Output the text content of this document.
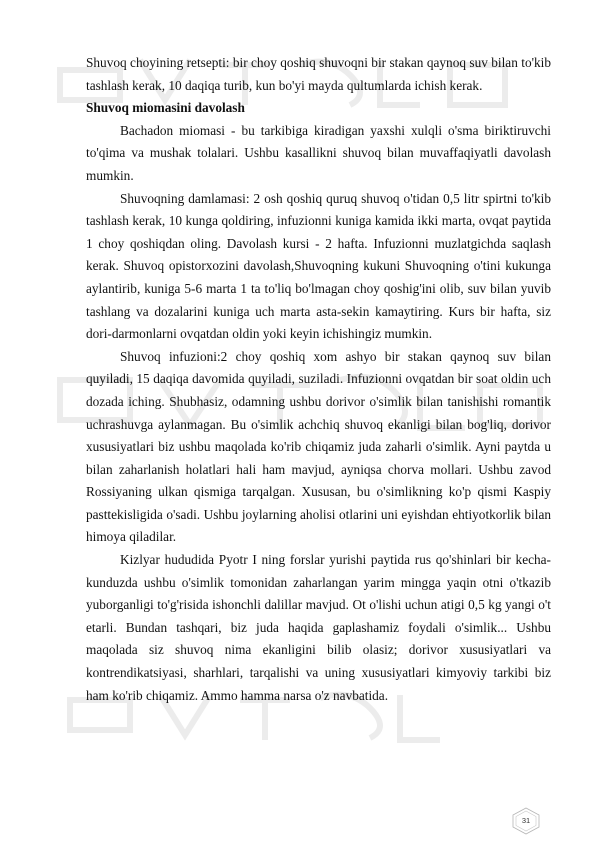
Shuvoq choyining retsepti: bir choy qoshiq shuvoqni bir stakan qaynoq suv bilan to'kib tashlash kerak, 10 daqiqa turib, kun bo'yi mayda qultumlarda ichish kerak.

Shuvoq miomasini davolash

Bachadon miomasi - bu tarkibiga kiradigan yaxshi xulqli o'sma biriktiruvchi to'qima va mushak tolalari. Ushbu kasallikni shuvoq bilan muvaffaqiyatli davolash mumkin.

Shuvoqning damlamasi: 2 osh qoshiq quruq shuvoq o'tidan 0,5 litr spirtni to'kib tashlash kerak, 10 kunga qoldiring, infuzionni kuniga kamida ikki marta, ovqat paytida 1 choy qoshiqdan oling. Davolash kursi - 2 hafta. Infuzionni muzlatgichda saqlash kerak. Shuvoq opistorxozini davolash,Shuvoqning kukuni Shuvoqning o'tini kukunga aylantirib, kuniga 5-6 marta 1 ta to'liq bo'lmagan choy qoshig'ini olib, suv bilan yuvib tashlang va dozalarini kuniga uch marta asta-sekin kamaytiring. Kurs bir hafta, siz dori-darmonlarni ovqatdan oldin yoki keyin ichishingiz mumkin.

Shuvoq infuzioni:2 choy qoshiq xom ashyo bir stakan qaynoq suv bilan quyiladi, 15 daqiqa davomida quyiladi, suziladi. Infuzionni ovqatdan bir soat oldin uch dozada iching. Shubhasiz, odamning ushbu dorivor o'simlik bilan tanishishi romantik uchrashuvga aylanmagan. Bu o'simlik achchiq shuvoq ekanligi bilan bog'liq, dorivor xususiyatlari biz ushbu maqolada ko'rib chiqamiz juda zaharli o'simlik. Ayni paytda u bilan zaharlanish holatlari hali ham mavjud, ayniqsa chorva mollari. Ushbu zavod Rossiyaning ulkan qismiga tarqalgan. Xususan, bu o'simlikning ko'p qismi Kaspiy pasttekisligida o'sadi. Ushbu joylarning aholisi otlarini uni eyishdan ehtiyotkorlik bilan himoya qiladilar.

Kizlyar hududida Pyotr I ning forslar yurishi paytida rus qo'shinlari bir kecha-kunduzda ushbu o'simlik tomonidan zaharlangan yarim mingga yaqin otni o'tkazib yuborganligi to'g'risida ishonchli dalillar mavjud. Ot o'lishi uchun atigi 0,5 kg yangi o't etarli. Bundan tashqari, biz juda haqida gaplashamiz foydali o'simlik... Ushbu maqolada siz shuvoq nima ekanligini bilib olasiz; dorivor xususiyatlari va kontrendikatsiyasi, sharhlari, tarqalishi va uning xususiyatlari kimyoviy tarkibi biz ham ko'rib chiqamiz. Ammo hamma narsa o'z navbatida.

31
